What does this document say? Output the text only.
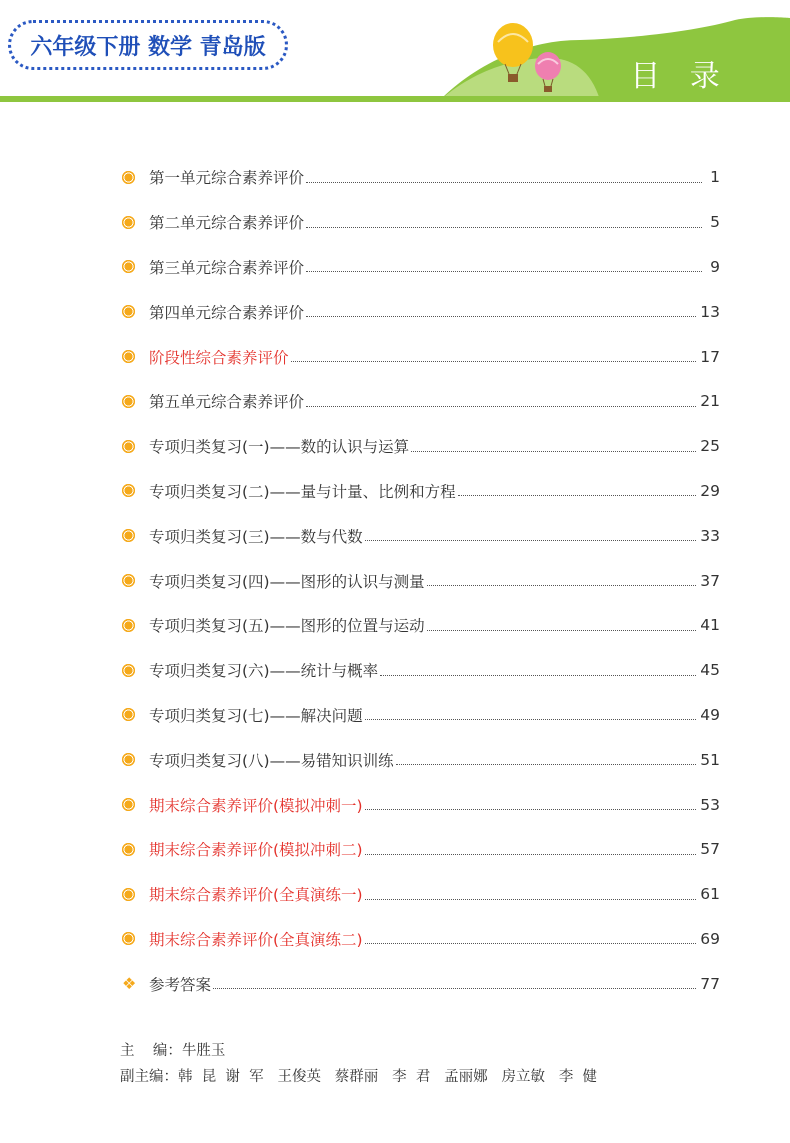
六年级下册 数学 青岛版
目 录
第一单元综合素养评价	1
第二单元综合素养评价	5
第三单元综合素养评价	9
第四单元综合素养评价	13
阶段性综合素养评价	17
第五单元综合素养评价	21
专项归类复习(一)——数的认识与运算	25
专项归类复习(二)——量与计量、比例和方程	29
专项归类复习(三)——数与代数	33
专项归类复习(四)——图形的认识与测量	37
专项归类复习(五)——图形的位置与运动	41
专项归类复习(六)——统计与概率	45
专项归类复习(七)——解决问题	49
专项归类复习(八)——易错知识训练	51
期末综合素养评价(模拟冲刺一)	53
期末综合素养评价(模拟冲刺二)	57
期末综合素养评价(全真演练一)	61
期末综合素养评价(全真演练二)	69
❖ 参考答案	77
主    编： 牛胜玉
副主编： 韩  昆  谢  军   王俊英   蔡群丽   李  君   孟丽娜   房立敏   李  健
